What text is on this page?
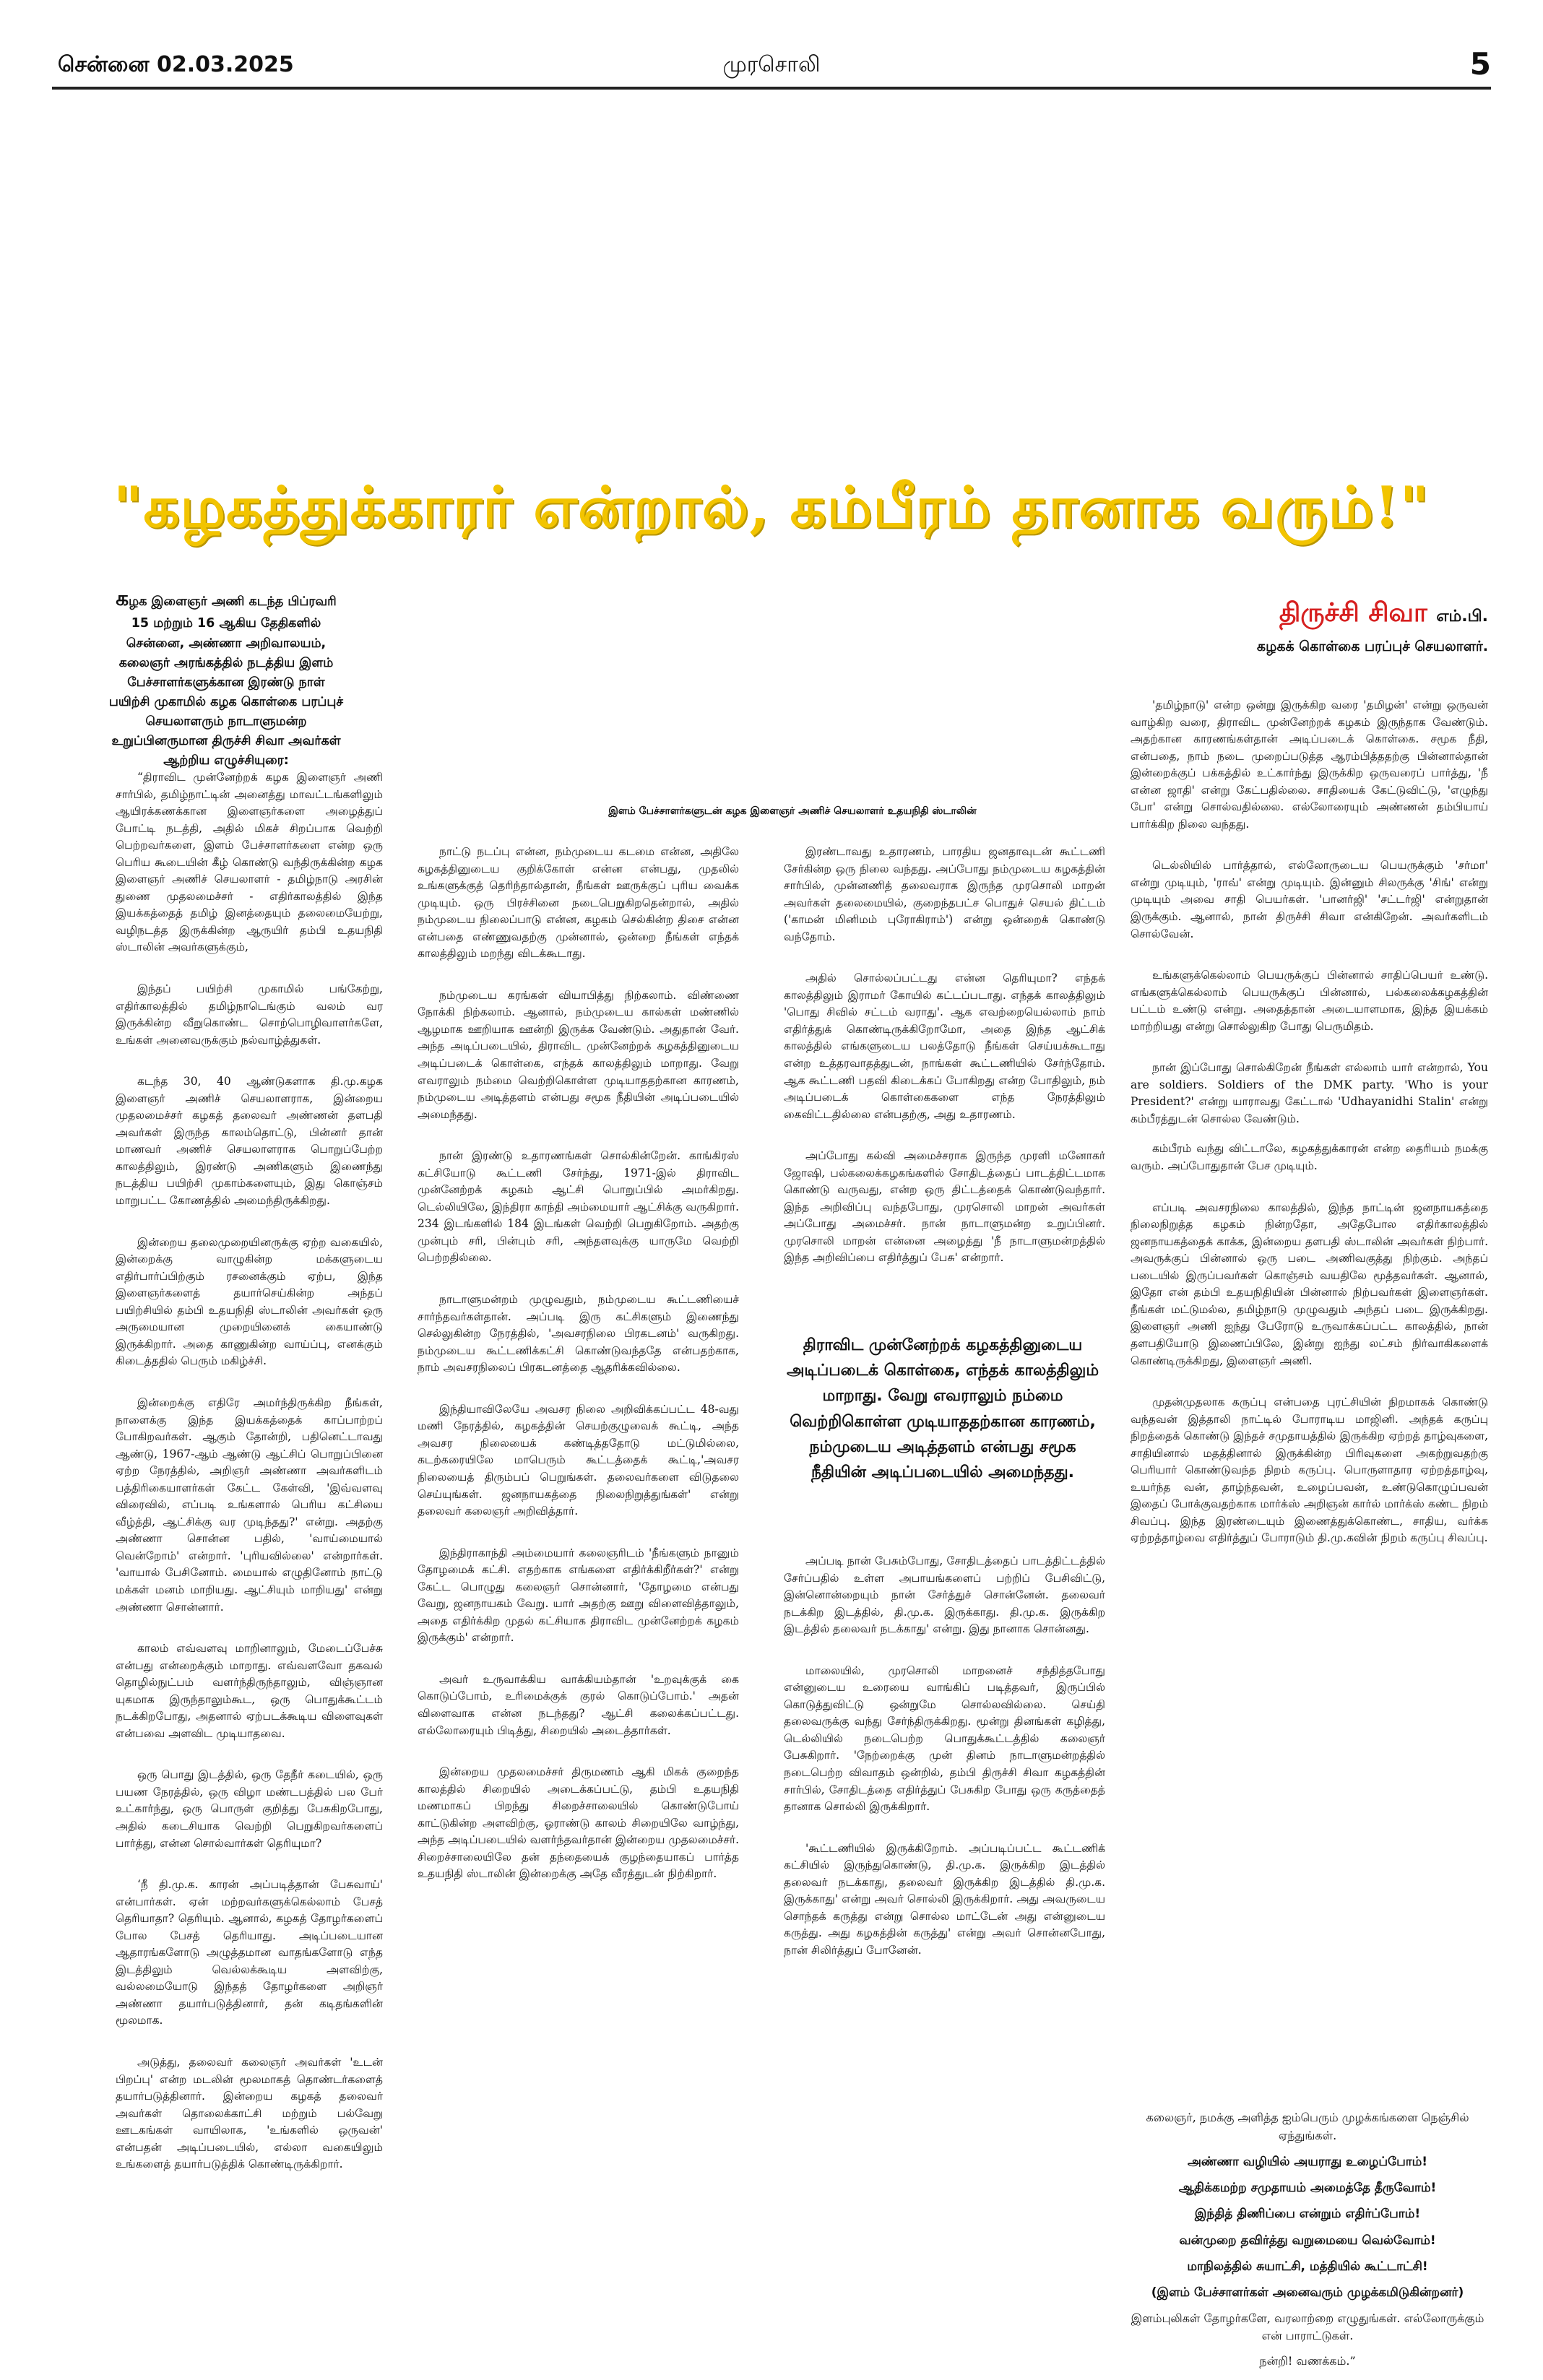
சென்னை 02.03.2025	முரசொலி	5
"கழகத்துக்காரர் என்றால், கம்பீரம் தானாக வரும்!"
கழக இளைஞர் அணி கடந்த பிப்ரவரி 15 மற்றும் 16 ஆகிய தேதிகளில் சென்னை, அண்ணா அறிவாலயம், கலைஞர் அரங்கத்தில் நடத்திய இளம் பேச்சாளர்களுக்கான இரண்டு நாள் பயிற்சி முகாமில் கழக கொள்கை பரப்புச் செயலாளரும் நாடாளுமன்ற உறுப்பினருமான திருச்சி சிவா அவர்கள் ஆற்றிய எழுச்சியுரை:
இளம் பேச்சாளர்களுடன் கழக இளைஞர் அணிச் செயலாளர் உதயநிதி ஸ்டாலின்
திருச்சி சிவா எம்.பி.
கழகக் கொள்கை பரப்புச் செயலாளர்.

“திராவிட முன்னேற்றக் கழக இளைஞர் அணி சார்பில், தமிழ்நாட்டின் அனைத்து மாவட்டங்களிலும் ஆயிரக்கணக்கான இளைஞர்களை அழைத்துப் போட்டி நடத்தி, அதில் மிகச் சிறப்பாக வெற்றி பெற்றவர்களை, இளம் பேச்சாளர்களை என்ற ஒரு பெரிய கூடையின் கீழ் கொண்டு வந்திருக்கின்ற கழக இளைஞர் அணிச் செயலாளர் - தமிழ்நாடு அரசின் துணை முதலமைச்சர் - எதிர்காலத்தில் இந்த இயக்கத்தைத் தமிழ் இனத்தையும் தலைமையேற்று, வழிநடத்த இருக்கின்ற ஆருயிர் தம்பி உதயநிதி ஸ்டாலின் அவர்களுக்கும்,

இந்தப் பயிற்சி முகாமில் பங்கேற்று, எதிர்காலத்தில் தமிழ்நாடெங்கும் வலம் வர இருக்கின்ற வீறுகொண்ட சொற்பொழிவாளர்களே, உங்கள் அனைவருக்கும் நல்வாழ்த்துகள்.

கடந்த 30, 40 ஆண்டுகளாக தி.மு.கழக இளைஞர் அணிச் செயலாளராக, இன்றைய முதலமைச்சர் கழகத் தலைவர் அண்ணன் தளபதி அவர்கள் இருந்த காலம்தொட்டு, பின்னர் தான் மாணவர் அணிச் செயலாளராக பொறுப்பேற்ற காலத்திலும், இரண்டு அணிகளும் இணைந்து நடத்திய பயிற்சி முகாம்களையும், இது கொஞ்சம் மாறுபட்ட கோணத்தில் அமைந்திருக்கிறது.

இன்றைய தலைமுறையினருக்கு ஏற்ற வகையில், இன்றைக்கு வாழுகின்ற மக்களுடைய எதிர்பார்ப்பிற்கும் ரசனைக்கும் ஏற்ப, இந்த இளைஞர்களைத் தயார்செய்கின்ற அந்தப் பயிற்சியில் தம்பி உதயநிதி ஸ்டாலின் அவர்கள் ஒரு அருமையான முறையினைக் கையாண்டு இருக்கிறார். அதை காணுகின்ற வாய்ப்பு, எனக்கும் கிடைத்ததில் பெரும் மகிழ்ச்சி.

இன்றைக்கு எதிரே அமர்ந்திருக்கிற நீங்கள், நாளைக்கு இந்த இயக்கத்தைக் காப்பாற்றப் போகிறவர்கள். ஆகும் தோன்றி, பதினெட்டாவது ஆண்டு, 1967-ஆம் ஆண்டு ஆட்சிப் பொறுப்பினை ஏற்ற நேரத்தில், அறிஞர் அண்ணா அவர்களிடம் பத்திரிகையாளர்கள் கேட்ட கேள்வி, 'இவ்வளவு விரைவில், எப்படி உங்களால் பெரிய கட்சியை வீழ்த்தி, ஆட்சிக்கு வர முடிந்தது?' என்று. அதற்கு அண்ணா சொன்ன பதில், 'வாய்மையால் வென்றோம்' என்றார். 'புரியவில்லை' என்றார்கள். 'வாயால் பேசினோம். மையால் எழுதினோம் நாட்டு மக்கள் மனம் மாறியது. ஆட்சியும் மாறியது' என்று அண்ணா சொன்னார்.

காலம் எவ்வளவு மாறினாலும், மேடைப்பேச்சு என்பது என்றைக்கும் மாறாது. எவ்வளவோ தகவல் தொழில்நுட்பம் வளர்ந்திருந்தாலும், விஞ்ஞான யுகமாக இருந்தாலும்கூட, ஒரு பொதுக்கூட்டம் நடக்கிறபோது, அதனால் ஏற்படக்கூடிய விளைவுகள் என்பவை அளவிட முடியாதவை.

ஒரு பொது இடத்தில், ஒரு தேநீர் கடையில், ஒரு பயண நேரத்தில், ஒரு விழா மண்டபத்தில் பல பேர் உட்கார்ந்து, ஒரு பொருள் குறித்து பேசுகிறபோது, அதில் கடைசியாக வெற்றி பெறுகிறவர்களைப் பார்த்து, என்ன சொல்வார்கள் தெரியுமா?

‘நீ தி.மு.க. காரன் அப்படித்தான் பேசுவாய்' என்பார்கள். ஏன் மற்றவர்களுக்கெல்லாம் பேசத் தெரியாதா? தெரியும். ஆனால், கழகத் தோழர்களைப் போல பேசத் தெரியாது. அடிப்படையான ஆதாரங்களோடு அழுத்தமான வாதங்களோடு எந்த இடத்திலும் வெல்லக்கூடிய அளவிற்கு, வல்லமையோடு இந்தத் தோழர்களை அறிஞர் அண்ணா தயார்படுத்தினார், தன் கடிதங்களின் மூலமாக.

அடுத்து, தலைவர் கலைஞர் அவர்கள் 'உடன் பிறப்பு' என்ற மடலின் மூலமாகத் தொண்டர்களைத் தயார்படுத்தினார். இன்றைய கழகத் தலைவர் அவர்கள் தொலைக்காட்சி மற்றும் பல்வேறு ஊடகங்கள் வாயிலாக, 'உங்களில் ஒருவன்' என்பதன் அடிப்படையில், எல்லா வகையிலும் உங்களைத் தயார்படுத்திக் கொண்டிருக்கிறார்.

நாட்டு நடப்பு என்ன, நம்முடைய கடமை என்ன, அதிலே கழகத்தினுடைய குறிக்கோள் என்ன என்பது, முதலில் உங்களுக்குத் தெரிந்தால்தான், நீங்கள் ஊருக்குப் புரிய வைக்க முடியும். ஒரு பிரச்சினை நடைபெறுகிறதென்றால், அதில் நம்முடைய நிலைப்பாடு என்ன, கழகம் செல்கின்ற திசை என்ன என்பதை எண்ணுவதற்கு முன்னால், ஒன்றை நீங்கள் எந்தக் காலத்திலும் மறந்து விடக்கூடாது.

நம்முடைய கரங்கள் வியாபித்து நிற்கலாம். விண்ணை நோக்கி நிற்கலாம். ஆனால், நம்முடைய கால்கள் மண்ணில் ஆழமாக ஊறியாக ஊன்றி இருக்க வேண்டும். அதுதான் வேர். அந்த அடிப்படையில், திராவிட முன்னேற்றக் கழகத்தினுடைய அடிப்படைக் கொள்கை, எந்தக் காலத்திலும் மாறாது. வேறு எவராலும் நம்மை வெற்றிகொள்ள முடியாததற்கான காரணம், நம்முடைய அடித்தளம் என்பது சமூக நீதியின் அடிப்படையில் அமைந்தது.

நான் இரண்டு உதாரணங்கள் சொல்கின்றேன். காங்கிரஸ் கட்சியோடு கூட்டணி சேர்ந்து, 1971-இல் திராவிட முன்னேற்றக் கழகம் ஆட்சி பொறுப்பில் அமர்கிறது. டெல்லியிலே, இந்திரா காந்தி அம்மையார் ஆட்சிக்கு வருகிறார். 234 இடங்களில் 184 இடங்கள் வெற்றி பெறுகிறோம். அதற்கு முன்பும் சரி, பின்பும் சரி, அந்தளவுக்கு யாருமே வெற்றி பெற்றதில்லை.

நாடாளுமன்றம் முழுவதும், நம்முடைய கூட்டணியைச் சார்ந்தவர்கள்தான். அப்படி இரு கட்சிகளும் இணைந்து செல்லுகின்ற நேரத்தில், 'அவசரநிலை பிரகடனம்' வருகிறது. நம்முடைய கூட்டணிக்கட்சி கொண்டுவந்ததே என்பதற்காக, நாம் அவசரநிலைப் பிரகடனத்தை ஆதரிக்கவில்லை.

இந்தியாவிலேயே அவசர நிலை அறிவிக்கப்பட்ட 48-வது மணி நேரத்தில், கழகத்தின் செயற்குழுவைக் கூட்டி, அந்த அவசர நிலையைக் கண்டித்ததோடு மட்டுமில்லை, கடற்கரையிலே மாபெரும் கூட்டத்தைக் கூட்டி,'அவசர நிலையைத் திரும்பப் பெறுங்கள். தலைவர்களை விடுதலை செய்யுங்கள். ஜனநாயகத்தை நிலைநிறுத்துங்கள்' என்று தலைவர் கலைஞர் அறிவித்தார்.

இந்திராகாந்தி அம்மையார் கலைஞரிடம் 'நீங்களும் நானும் தோழமைக் கட்சி. எதற்காக எங்களை எதிர்க்கிறீர்கள்?' என்று கேட்ட பொழுது கலைஞர் சொன்னார், 'தோழமை என்பது வேறு, ஜனநாயகம் வேறு. யார் அதற்கு ஊறு விளைவித்தாலும், அதை எதிர்க்கிற முதல் கட்சியாக திராவிட முன்னேற்றக் கழகம் இருக்கும்' என்றார்.

அவர் உருவாக்கிய வாக்கியம்தான் 'உறவுக்குக் கை கொடுப்போம், உரிமைக்குக் குரல் கொடுப்போம்.' அதன் விளைவாக என்ன நடந்தது? ஆட்சி கலைக்கப்பட்டது. எல்லோரையும் பிடித்து, சிறையில் அடைத்தார்கள்.

இன்றைய முதலமைச்சர் திருமணம் ஆகி மிகக் குறைந்த காலத்தில் சிறையில் அடைக்கப்பட்டு, தம்பி உதயநிதி மணமாகப் பிறந்து சிறைச்சாலையில் கொண்டுபோய் காட்டுகின்ற அளவிற்கு, ஓராண்டு காலம் சிறையிலே வாழ்ந்து, அந்த அடிப்படையில் வளர்ந்தவர்தான் இன்றைய முதலமைச்சர். சிறைச்சாலையிலே தன் தந்தையைக் குழந்தையாகப் பார்த்த உதயநிதி ஸ்டாலின் இன்றைக்கு அதே வீரத்துடன் நிற்கிறார்.

இரண்டாவது உதாரணம், பாரதிய ஜனதாவுடன் கூட்டணி சேர்கின்ற ஒரு நிலை வந்தது. அப்போது நம்முடைய கழகத்தின் சார்பில், முன்னணித் தலைவராக இருந்த முரசொலி மாறன் அவர்கள் தலைமையில், குறைந்தபட்ச பொதுச் செயல் திட்டம் ('காமன் மினிமம் புரோகிராம்') என்று ஒன்றைக் கொண்டு வந்தோம்.

அதில் சொல்லப்பட்டது என்ன தெரியுமா? எந்தக் காலத்திலும் இராமர் கோயில் கட்டப்படாது. எந்தக் காலத்திலும் 'பொது சிவில் சட்டம் வராது'. ஆக எவற்றையெல்லாம் நாம் எதிர்த்துக் கொண்டிருக்கிறோமோ, அதை இந்த ஆட்சிக் காலத்தில் எங்களுடைய பலத்தோடு நீங்கள் செய்யக்கூடாது என்ற உத்தரவாதத்துடன், நாங்கள் கூட்டணியில் சேர்ந்தோம். ஆக கூட்டணி பதவி கிடைக்கப் போகிறது என்ற போதிலும், நம் அடிப்படைக் கொள்கைகளை எந்த நேரத்திலும் கைவிட்டதில்லை என்பதற்கு, அது உதாரணம்.

அப்போது கல்வி அமைச்சராக இருந்த முரளி மனோகர் ஜோஷி, பல்கலைக்கழகங்களில் சோதிடத்தைப் பாடத்திட்டமாக கொண்டு வருவது, என்ற ஒரு திட்டத்தைக் கொண்டுவந்தார். இந்த அறிவிப்பு வந்தபோது, முரசொலி மாறன் அவர்கள் அப்போது அமைச்சர். நான் நாடாளுமன்ற உறுப்பினர். முரசொலி மாறன் என்னை அழைத்து 'நீ நாடாளுமன்றத்தில் இந்த அறிவிப்பை எதிர்த்துப் பேசு' என்றார்.

திராவிட முன்னேற்றக் கழகத்தினுடைய அடிப்படைக் கொள்கை, எந்தக் காலத்திலும் மாறாது. வேறு எவராலும் நம்மை வெற்றிகொள்ள முடியாததற்கான காரணம், நம்முடைய அடித்தளம் என்பது சமூக நீதியின் அடிப்படையில் அமைந்தது.

அப்படி நான் பேசும்போது, சோதிடத்தைப் பாடத்திட்டத்தில் சேர்ப்பதில் உள்ள அபாயங்களைப் பற்றிப் பேசிவிட்டு, இன்னொன்றையும் நான் சேர்த்துச் சொன்னேன். தலைவர் நடக்கிற இடத்தில், தி.மு.க. இருக்காது. தி.மு.க. இருக்கிற இடத்தில் தலைவர் நடக்காது' என்று. இது நானாக சொன்னது.

மாலையில், முரசொலி மாறனைச் சந்தித்தபோது என்னுடைய உரையை வாங்கிப் படித்தவர், இருப்பில் கொடுத்துவிட்டு ஒன்றுமே சொல்லவில்லை. செய்தி தலைவருக்கு வந்து சேர்ந்திருக்கிறது. மூன்று தினங்கள் கழித்து, டெல்லியில் நடைபெற்ற பொதுக்கூட்டத்தில் கலைஞர் பேசுகிறார். 'நேற்றைக்கு முன் தினம் நாடாளுமன்றத்தில் நடைபெற்ற விவாதம் ஒன்றில், தம்பி திருச்சி சிவா கழகத்தின் சார்பில், சோதிடத்தை எதிர்த்துப் பேசுகிற போது ஒரு கருத்தைத் தானாக சொல்லி இருக்கிறார்.

'கூட்டணியில் இருக்கிறோம். அப்படிப்பட்ட கூட்டணிக் கட்சியில் இருந்துகொண்டு, தி.மு.க. இருக்கிற இடத்தில் தலைவர் நடக்காது, தலைவர் இருக்கிற இடத்தில் தி.மு.க. இருக்காது' என்று அவர் சொல்லி இருக்கிறார். அது அவருடைய சொந்தக் கருத்து என்று சொல்ல மாட்டேன் அது என்னுடைய கருத்து. அது கழகத்தின் கருத்து' என்று அவர் சொன்னபோது, நான் சிலிர்த்துப் போனேன்.

'தமிழ்நாடு' என்ற ஒன்று இருக்கிற வரை 'தமிழன்' என்று ஒருவன் வாழ்கிற வரை, திராவிட முன்னேற்றக் கழகம் இருந்தாக வேண்டும். அதற்கான காரணங்கள்தான் அடிப்படைக் கொள்கை. சமூக நீதி, என்பதை, நாம் நடை முறைப்படுத்த ஆரம்பித்ததற்கு பின்னால்தான் இன்றைக்குப் பக்கத்தில் உட்கார்ந்து இருக்கிற ஒருவரைப் பார்த்து, 'நீ என்ன ஜாதி' என்று கேட்பதில்லை. சாதியைக் கேட்டுவிட்டு, 'எழுந்து போ' என்று சொல்வதில்லை. எல்லோரையும் அண்ணன் தம்பியாய் பார்க்கிற நிலை வந்தது.

டெல்லியில் பார்த்தால், எல்லோருடைய பெயருக்கும் 'சர்மா' என்று முடியும், 'ராவ்' என்று முடியும். இன்னும் சிலருக்கு 'சிங்' என்று முடியும் அவை சாதி பெயர்கள். 'பானர்ஜி' 'சட்டர்ஜி' என்றுதான் இருக்கும். ஆனால், நான் திருச்சி சிவா என்கிறேன். அவர்களிடம் சொல்வேன்.

உங்களுக்கெல்லாம் பெயருக்குப் பின்னால் சாதிப்பெயர் உண்டு. எங்களுக்கெல்லாம் பெயருக்குப் பின்னால், பல்கலைக்கழகத்தின் பட்டம் உண்டு என்று. அதைத்தான் அடையாளமாக, இந்த இயக்கம் மாற்றியது என்று சொல்லுகிற போது பெருமிதம்.

நான் இப்போது சொல்கிறேன் நீங்கள் எல்லாம் யார் என்றால், You are soldiers. Soldiers of the DMK party. 'Who is your President?' என்று யாராவது கேட்டால் 'Udhayanidhi Stalin' என்று கம்பீரத்துடன் சொல்ல வேண்டும்.

கம்பீரம் வந்து விட்டாலே, கழகத்துக்காரன் என்ற தைரியம் நமக்கு வரும். அப்போதுதான் பேச முடியும்.

எப்படி அவசரநிலை காலத்தில், இந்த நாட்டின் ஜனநாயகத்தை நிலைநிறுத்த கழகம் நின்றதோ, அதேபோல எதிர்காலத்தில் ஜனநாயகத்தைக் காக்க, இன்றைய தளபதி ஸ்டாலின் அவர்கள் நிற்பார். அவருக்குப் பின்னால் ஒரு படை அணிவகுத்து நிற்கும். அந்தப் படையில் இருப்பவர்கள் கொஞ்சம் வயதிலே மூத்தவர்கள். ஆனால், இதோ என் தம்பி உதயநிதியின் பின்னால் நிற்பவர்கள் இளைஞர்கள். நீங்கள் மட்டுமல்ல, தமிழ்நாடு முழுவதும் அந்தப் படை இருக்கிறது. இளைஞர் அணி ஐந்து பேரோடு உருவாக்கப்பட்ட காலத்தில், நான் தளபதியோடு இணைப்பிலே, இன்று ஐந்து லட்சம் நிர்வாகிகளைக் கொண்டிருக்கிறது, இளைஞர் அணி.

முதன்முதலாக கருப்பு என்பதை புரட்சியின் நிறமாகக் கொண்டு வந்தவன் இத்தாலி நாட்டில் போராடிய மாஜினி. அந்தக் கருப்பு நிறத்தைக் கொண்டு இந்தச் சமுதாயத்தில் இருக்கிற ஏற்றத் தாழ்வுகளை, சாதியினால் மதத்தினால் இருக்கின்ற பிரிவுகளை அகற்றுவதற்கு பெரியார் கொண்டுவந்த நிறம் கருப்பு. பொருளாதார ஏற்றத்தாழ்வு, உயர்ந்த வன், தாழ்ந்தவன், உழைப்பவன், உண்டுகொழுப்பவன் இதைப் போக்குவதற்காக மார்க்ஸ் அறிஞன் கார்ல் மார்க்ஸ் கண்ட நிறம் சிவப்பு. இந்த இரண்டையும் இணைத்துக்கொண்ட, சாதிய, வர்க்க ஏற்றத்தாழ்வை எதிர்த்துப் போராடும் தி.மு.கவின் நிறம் கருப்பு சிவப்பு.

கலைஞர், நமக்கு அளித்த ஐம்பெரும் முழக்கங்களை நெஞ்சில் ஏந்துங்கள்.

அண்ணா வழியில் அயராது உழைப்போம்!
ஆதிக்கமற்ற சமுதாயம் அமைத்தே தீருவோம்!
இந்தித் திணிப்பை என்றும் எதிர்ப்போம்!
வன்முறை தவிர்த்து வறுமையை வெல்வோம்!
மாநிலத்தில் சுயாட்சி, மத்தியில் கூட்டாட்சி!
(இளம் பேச்சாளர்கள் அனைவரும் முழக்கமிடுகின்றனர்)

இளம்புலிகள் தோழர்களே, வரலாற்றை எழுதுங்கள். எல்லோருக்கும் என் பாராட்டுகள்.

நன்றி! வணக்கம்.”
